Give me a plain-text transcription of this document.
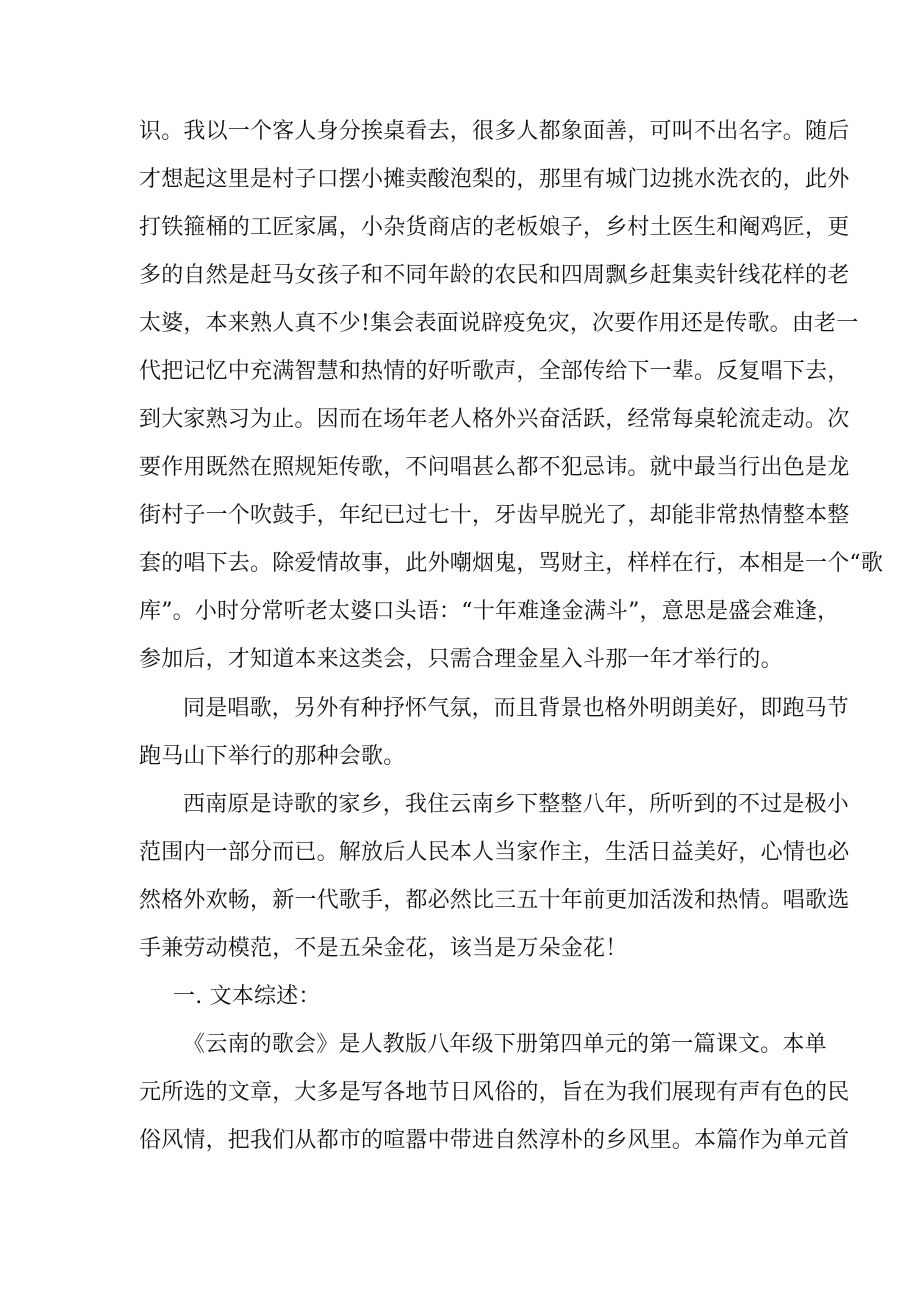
识。我以一个客人身分挨桌看去，很多人都象面善，可叫不出名字。随后
才想起这里是村子口摆小摊卖酸泡梨的，那里有城门边挑水洗衣的，此外
打铁箍桶的工匠家属，小杂货商店的老板娘子，乡村土医生和阉鸡匠，更
多的自然是赶马女孩子和不同年龄的农民和四周飘乡赶集卖针线花样的老
太婆，本来熟人真不少!集会表面说辟疫免灾，次要作用还是传歌。由老一
代把记忆中充满智慧和热情的好听歌声，全部传给下一辈。反复唱下去，
到大家熟习为止。因而在场年老人格外兴奋活跃，经常每桌轮流走动。次
要作用既然在照规矩传歌，不问唱甚么都不犯忌讳。就中最当行出色是龙
街村子一个吹鼓手，年纪已过七十，牙齿早脱光了，却能非常热情整本整
套的唱下去。除爱情故事，此外嘲烟鬼，骂财主，样样在行，本相是一个“歌
库”。小时分常听老太婆口头语：“十年难逢金满斗”，意思是盛会难逢，
参加后，才知道本来这类会，只需合理金星入斗那一年才举行的。
同是唱歌，另外有种抒怀气氛，而且背景也格外明朗美好，即跑马节
跑马山下举行的那种会歌。
西南原是诗歌的家乡，我住云南乡下整整八年，所听到的不过是极小
范围内一部分而已。解放后人民本人当家作主，生活日益美好，心情也必
然格外欢畅，新一代歌手，都必然比三五十年前更加活泼和热情。唱歌选
手兼劳动模范，不是五朵金花，该当是万朵金花！
一. 文本综述：
《云南的歌会》是人教版八年级下册第四单元的第一篇课文。本单
元所选的文章，大多是写各地节日风俗的，旨在为我们展现有声有色的民
俗风情，把我们从都市的喧嚣中带进自然淳朴的乡风里。本篇作为单元首
